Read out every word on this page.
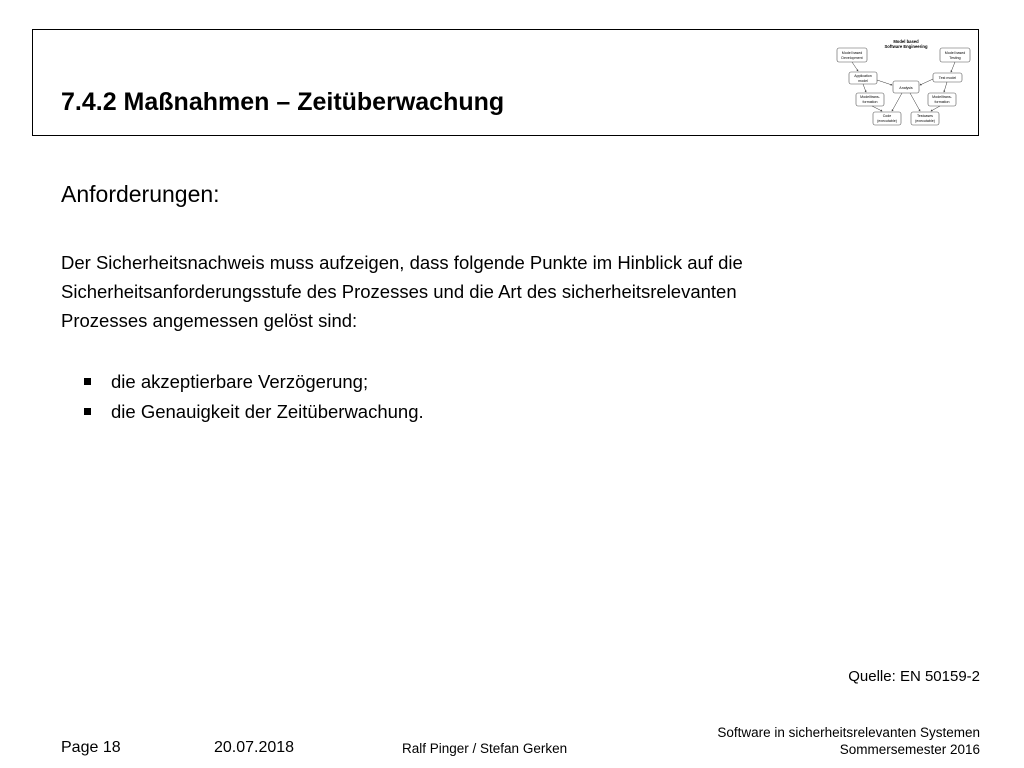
7.4.2 Maßnahmen – Zeitüberwachung
Model based
Software Engineering
Model based
Development
Model based
Testing
Application
model
Test model
Analysis
Modelltrans-
formation
Modelltrans-
formation
Code
(executable)
Testcases
(executable)
Anforderungen:

Der Sicherheitsnachweis muss aufzeigen, dass folgende Punkte im Hinblick auf die
Sicherheitsanforderungsstufe des Prozesses und die Art des sicherheitsrelevanten
Prozesses angemessen gelöst sind:

die akzeptierbare Verzögerung;
die Genauigkeit der Zeitüberwachung.
Quelle: EN 50159-2
Page 18	20.07.2018	Ralf Pinger / Stefan Gerken
Software in sicherheitsrelevanten Systemen
Sommersemester 2016
